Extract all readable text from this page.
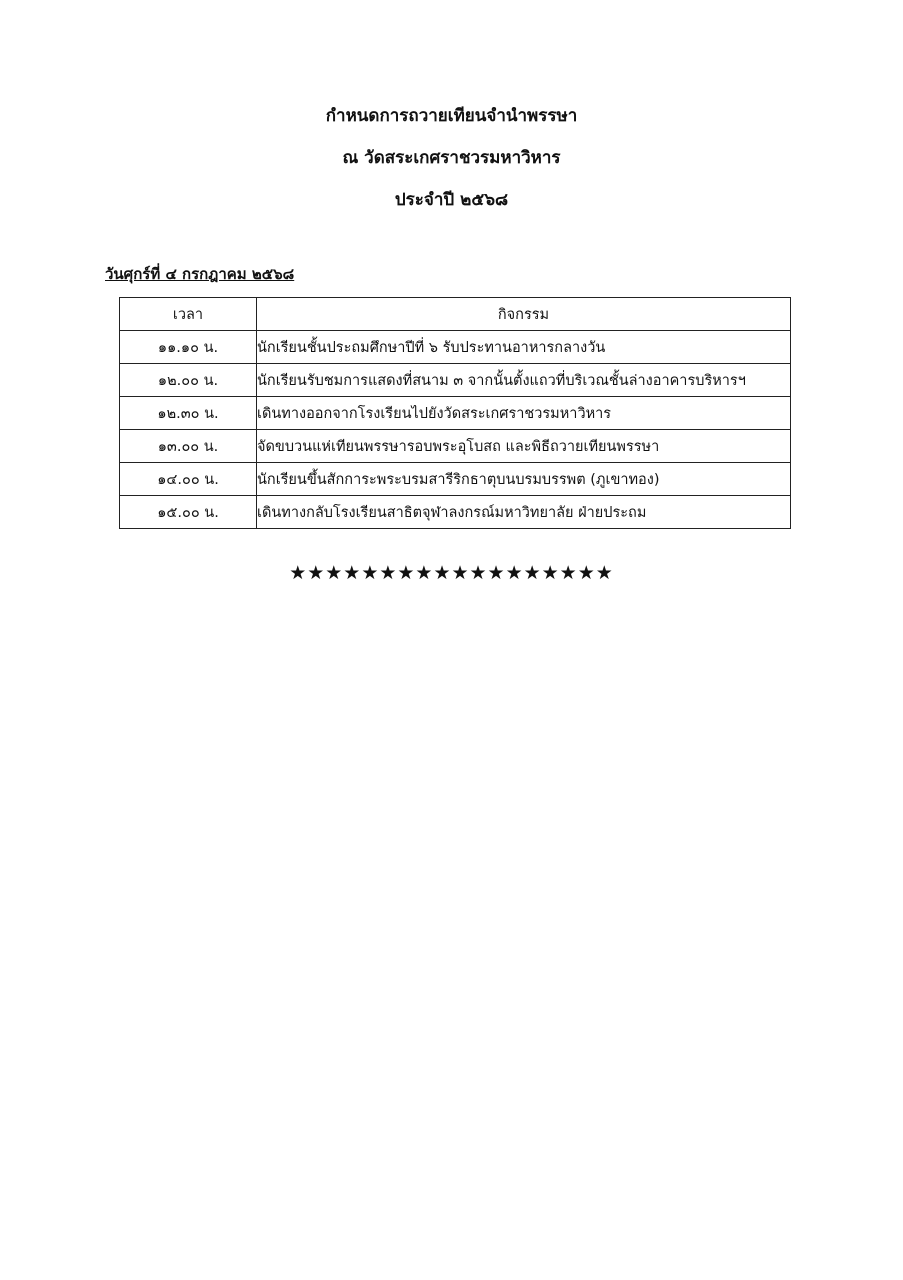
กำหนดการถวายเทียนจำนำพรรษา
ณ วัดสระเกศราชวรมหาวิหาร
ประจำปี ๒๕๖๘
วันศุกร์ที่ ๔ กรกฎาคม ๒๕๖๘
เวลา	กิจกรรม
๑๑.๑๐ น.	นักเรียนชั้นประถมศึกษาปีที่ ๖ รับประทานอาหารกลางวัน
๑๒.๐๐ น.	นักเรียนรับชมการแสดงที่สนาม ๓ จากนั้นตั้งแถวที่บริเวณชั้นล่างอาคารบริหารฯ
๑๒.๓๐ น.	เดินทางออกจากโรงเรียนไปยังวัดสระเกศราชวรมหาวิหาร
๑๓.๐๐ น.	จัดขบวนแห่เทียนพรรษารอบพระอุโบสถ และพิธีถวายเทียนพรรษา
๑๔.๐๐ น.	นักเรียนขึ้นสักการะพระบรมสารีริกธาตุบนบรมบรรพต (ภูเขาทอง)
๑๕.๐๐ น.	เดินทางกลับโรงเรียนสาธิตจุฬาลงกรณ์มหาวิทยาลัย ฝ่ายประถม
★★★★★★★★★★★★★★★★★★
